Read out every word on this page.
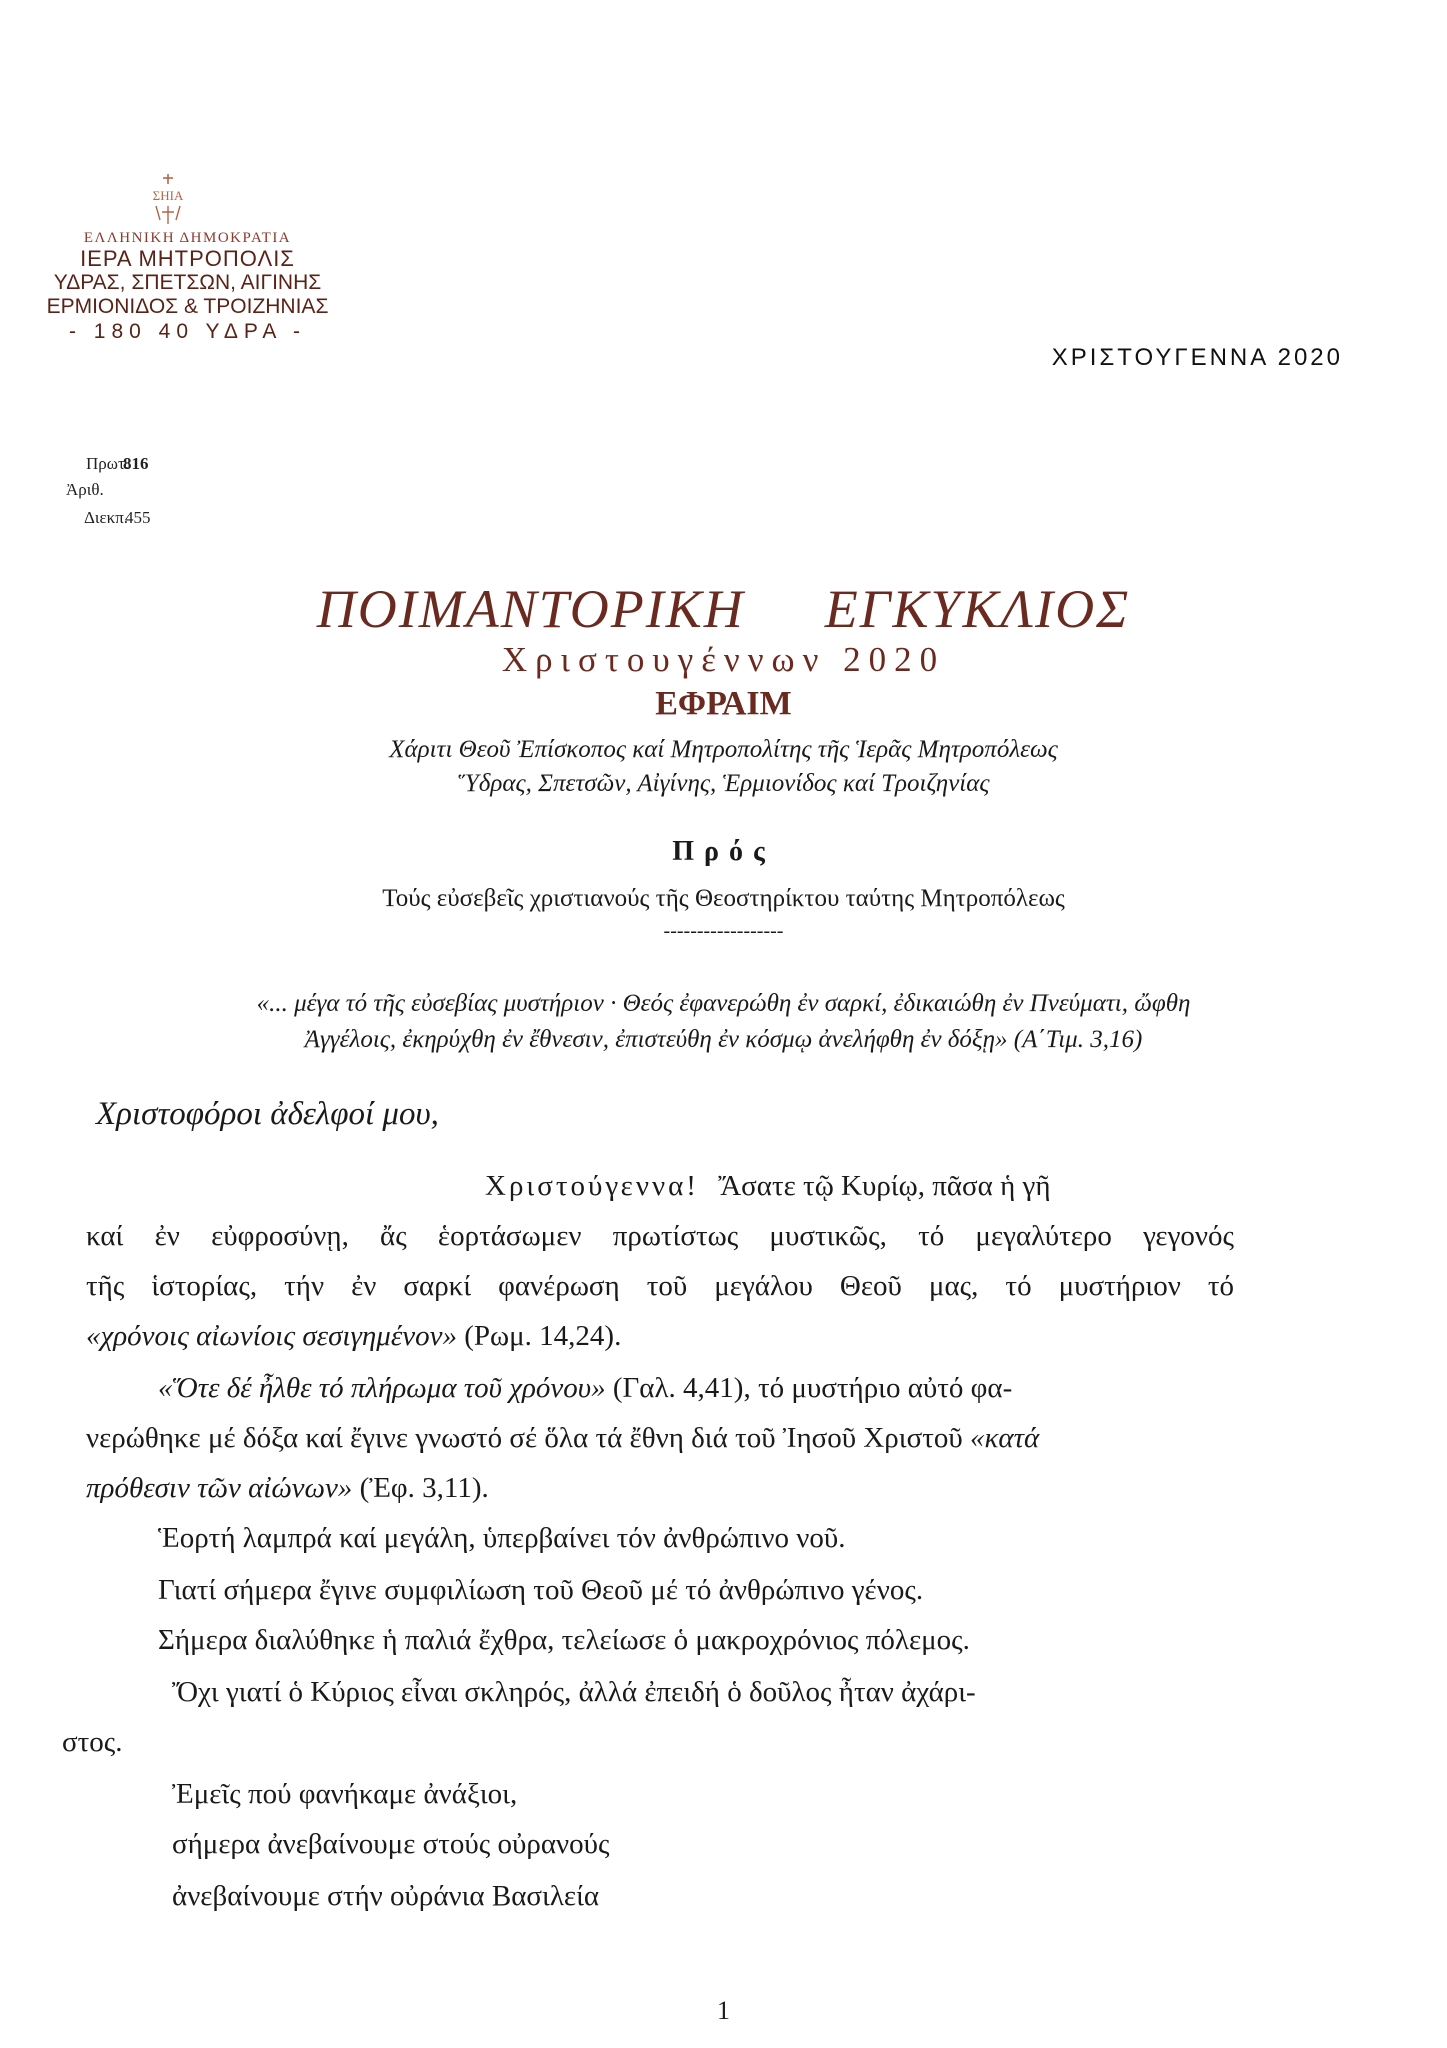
ΣΗΙΑ
ΕΛΛΗΝΙΚΗ ΔΗΜΟΚΡΑΤΙΑ
ΙΕΡΑ ΜΗΤΡΟΠΟΛΙΣ
ΥΔΡΑΣ, ΣΠΕΤΣΩΝ, ΑΙΓΙΝΗΣ
ΕΡΜΙΟΝΙΔΟΣ & ΤΡΟΙΖΗΝΙΑΣ
- 180 40 ΥΔΡΑ -
ΧΡΙΣΤΟΥΓΕΝΝΑ 2020
Πρωτ.
816
Ἀριθ.
Διεκπ.
455
ΠΟΙΜΑΝΤΟΡΙΚΗ ΕΓΚΥΚΛΙΟΣ
Χριστουγέννων 2020
ΕΦΡΑΙΜ
Χάριτι Θεοῦ Ἐπίσκοπος καί Μητροπολίτης τῆς Ἱερᾶς Μητροπόλεως
Ὕδρας, Σπετσῶν, Αἰγίνης, Ἑρμιονίδος καί Τροιζηνίας
Πρός
Τούς εὐσεβεῖς χριστιανούς τῆς Θεοστηρίκτου ταύτης Μητροπόλεως
------------------
«... μέγα τό τῆς εὐσεβίας μυστήριον · Θεός ἐφανερώθη ἐν σαρκί, ἐδικαιώθη ἐν Πνεύματι, ὤφθη
Ἀγγέλοις, ἐκηρύχθη ἐν ἔθνεσιν, ἐπιστεύθη ἐν κόσμῳ ἀνελήφθη ἐν δόξῃ» (Α΄Τιμ. 3,16)
Χριστοφόροι ἀδελφοί μου,
Χριστούγεννα! Ἄσατε τῷ Κυρίῳ, πᾶσα ἡ γῆ
καί ἐν εὐφροσύνῃ, ἄς ἑορτάσωμεν πρωτίστως μυστικῶς, τό μεγαλύτερο γεγονός
τῆς ἱστορίας, τήν ἐν σαρκί φανέρωση τοῦ μεγάλου Θεοῦ μας, τό μυστήριον τό
«χρόνοις αἰωνίοις σεσιγημένον» (Ρωμ. 14,24).
«Ὅτε δέ ἦλθε τό πλήρωμα τοῦ χρόνου» (Γαλ. 4,41), τό μυστήριο αὐτό φα-
νερώθηκε μέ δόξα καί ἔγινε γνωστό σέ ὅλα τά ἔθνη διά τοῦ Ἰησοῦ Χριστοῦ «κατά
πρόθεσιν τῶν αἰώνων» (Ἐφ. 3,11).
Ἑορτή λαμπρά καί μεγάλη, ὑπερβαίνει τόν ἀνθρώπινο νοῦ.
Γιατί σήμερα ἔγινε συμφιλίωση τοῦ Θεοῦ μέ τό ἀνθρώπινο γένος.
Σήμερα διαλύθηκε ἡ παλιά ἔχθρα, τελείωσε ὁ μακροχρόνιος πόλεμος.
Ὄχι γιατί ὁ Κύριος εἶναι σκληρός, ἀλλά ἐπειδή ὁ δοῦλος ἦταν ἀχάρι-
στος.
Ἐμεῖς πού φανήκαμε ἀνάξιοι,
σήμερα ἀνεβαίνουμε στούς οὐρανούς
ἀνεβαίνουμε στήν οὐράνια Βασιλεία
1
